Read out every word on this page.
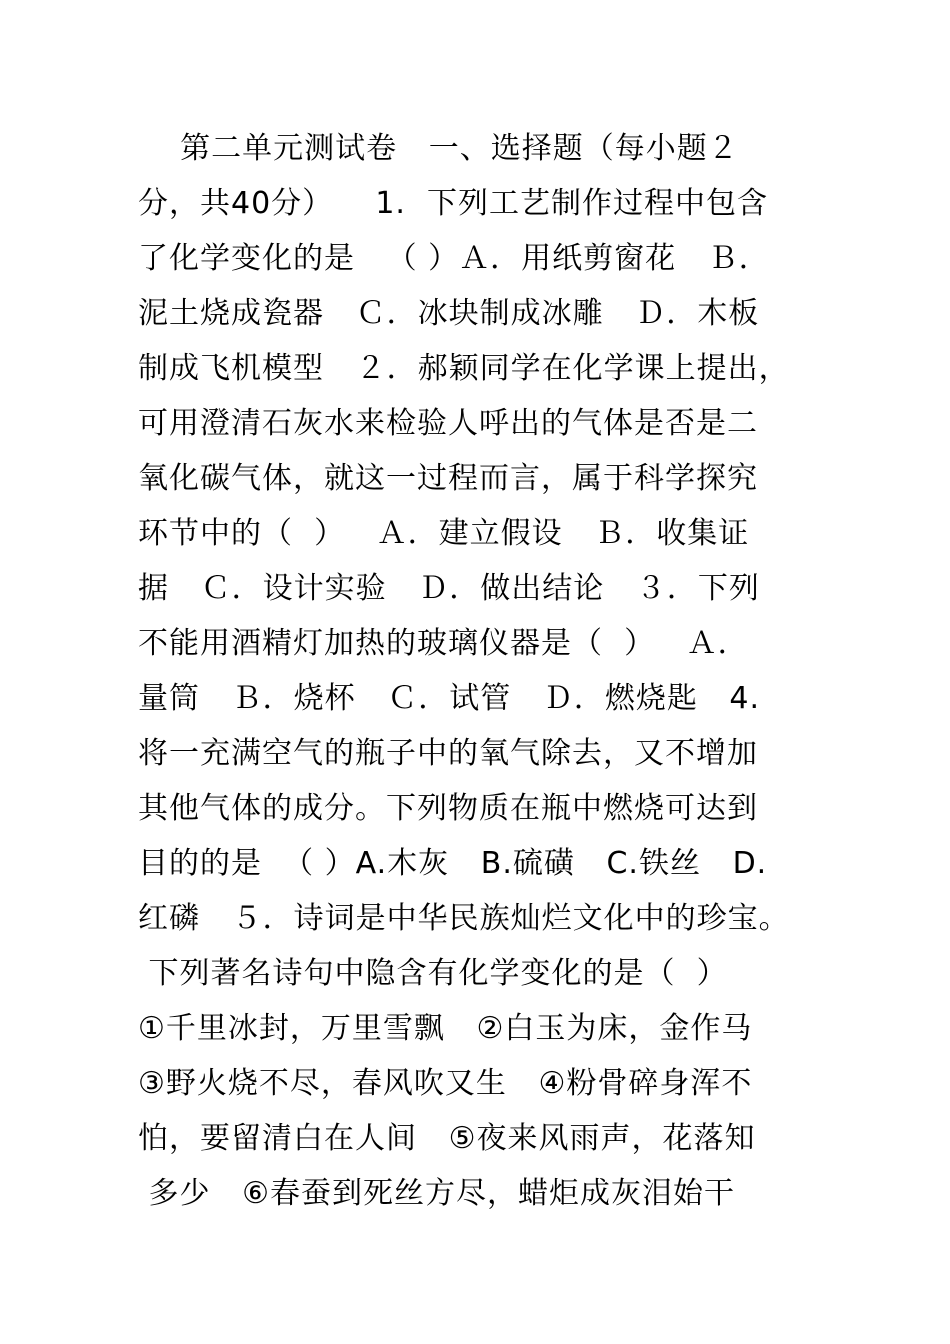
第二单元测试卷   一、选择题（每小题２
分，共40分）    1.  下列工艺制作过程中包含
了化学变化的是   （ ）Ａ．用纸剪窗花   Ｂ．
泥土烧成瓷器   Ｃ．冰块制成冰雕   Ｄ．木板
制成飞机模型   ２．郝颖同学在化学课上提出，
可用澄清石灰水来检验人呼出的气体是否是二
氧化碳气体，就这一过程而言，属于科学探究
环节中的（  ）   Ａ．建立假设   Ｂ．收集证
据   Ｃ．设计实验   Ｄ．做出结论   ３．下列
不能用酒精灯加热的玻璃仪器是（  ）   Ａ．
量筒   Ｂ．烧杯   Ｃ．试管   Ｄ．燃烧匙   4.
将一充满空气的瓶子中的氧气除去，又不增加
其他气体的成分。下列物质在瓶中燃烧可达到
目的的是  （ ）A.木灰   B.硫磺   C.铁丝   D.
红磷   ５．诗词是中华民族灿烂文化中的珍宝。
下列著名诗句中隐含有化学变化的是（  ）
①千里冰封，万里雪飘   ②白玉为床，金作马
③野火烧不尽，春风吹又生   ④粉骨碎身浑不
怕，要留清白在人间   ⑤夜来风雨声，花落知
多少   ⑥春蚕到死丝方尽，蜡炬成灰泪始干
